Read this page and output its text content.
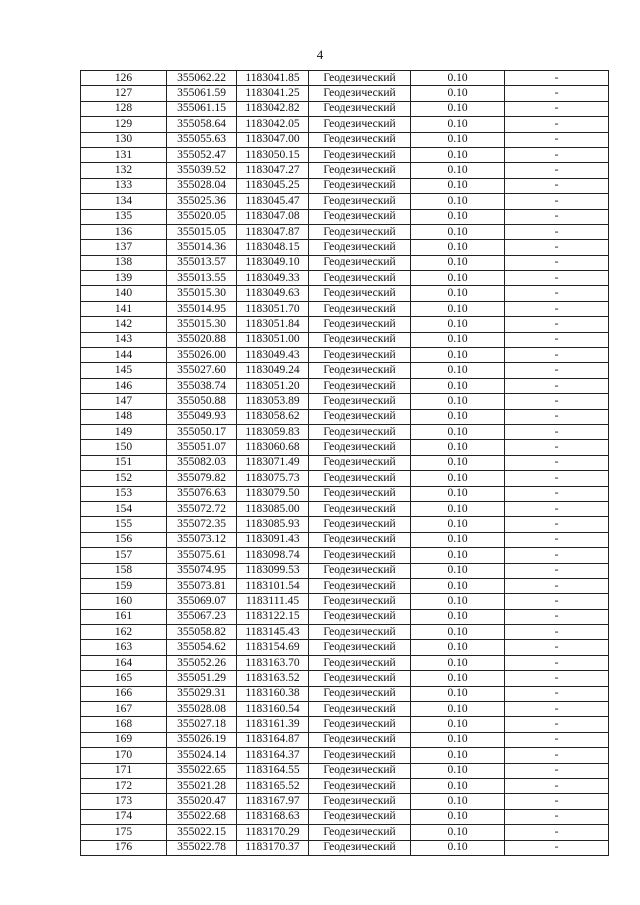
4
126	355062.22	1183041.85	Геодезический	0.10	-
127	355061.59	1183041.25	Геодезический	0.10	-
128	355061.15	1183042.82	Геодезический	0.10	-
129	355058.64	1183042.05	Геодезический	0.10	-
130	355055.63	1183047.00	Геодезический	0.10	-
131	355052.47	1183050.15	Геодезический	0.10	-
132	355039.52	1183047.27	Геодезический	0.10	-
133	355028.04	1183045.25	Геодезический	0.10	-
134	355025.36	1183045.47	Геодезический	0.10	-
135	355020.05	1183047.08	Геодезический	0.10	-
136	355015.05	1183047.87	Геодезический	0.10	-
137	355014.36	1183048.15	Геодезический	0.10	-
138	355013.57	1183049.10	Геодезический	0.10	-
139	355013.55	1183049.33	Геодезический	0.10	-
140	355015.30	1183049.63	Геодезический	0.10	-
141	355014.95	1183051.70	Геодезический	0.10	-
142	355015.30	1183051.84	Геодезический	0.10	-
143	355020.88	1183051.00	Геодезический	0.10	-
144	355026.00	1183049.43	Геодезический	0.10	-
145	355027.60	1183049.24	Геодезический	0.10	-
146	355038.74	1183051.20	Геодезический	0.10	-
147	355050.88	1183053.89	Геодезический	0.10	-
148	355049.93	1183058.62	Геодезический	0.10	-
149	355050.17	1183059.83	Геодезический	0.10	-
150	355051.07	1183060.68	Геодезический	0.10	-
151	355082.03	1183071.49	Геодезический	0.10	-
152	355079.82	1183075.73	Геодезический	0.10	-
153	355076.63	1183079.50	Геодезический	0.10	-
154	355072.72	1183085.00	Геодезический	0.10	-
155	355072.35	1183085.93	Геодезический	0.10	-
156	355073.12	1183091.43	Геодезический	0.10	-
157	355075.61	1183098.74	Геодезический	0.10	-
158	355074.95	1183099.53	Геодезический	0.10	-
159	355073.81	1183101.54	Геодезический	0.10	-
160	355069.07	1183111.45	Геодезический	0.10	-
161	355067.23	1183122.15	Геодезический	0.10	-
162	355058.82	1183145.43	Геодезический	0.10	-
163	355054.62	1183154.69	Геодезический	0.10	-
164	355052.26	1183163.70	Геодезический	0.10	-
165	355051.29	1183163.52	Геодезический	0.10	-
166	355029.31	1183160.38	Геодезический	0.10	-
167	355028.08	1183160.54	Геодезический	0.10	-
168	355027.18	1183161.39	Геодезический	0.10	-
169	355026.19	1183164.87	Геодезический	0.10	-
170	355024.14	1183164.37	Геодезический	0.10	-
171	355022.65	1183164.55	Геодезический	0.10	-
172	355021.28	1183165.52	Геодезический	0.10	-
173	355020.47	1183167.97	Геодезический	0.10	-
174	355022.68	1183168.63	Геодезический	0.10	-
175	355022.15	1183170.29	Геодезический	0.10	-
176	355022.78	1183170.37	Геодезический	0.10	-
